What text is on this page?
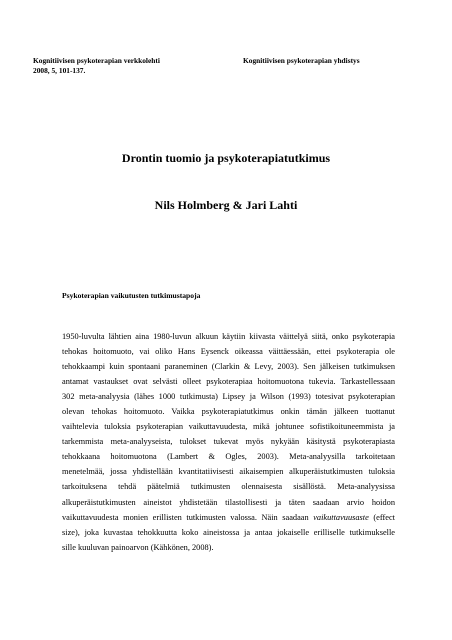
Kognitiivisen psykoterapian verkkolehti
2008, 5, 101-137.
Kognitiivisen psykoterapian yhdistys
Drontin tuomio ja psykoterapiatutkimus
Nils Holmberg & Jari Lahti
Psykoterapian vaikutusten tutkimustapoja

1950-luvulta lähtien aina 1980-luvun alkuun käytiin kiivasta väittelyä siitä, onko psykoterapia
tehokas hoitomuoto, vai oliko Hans Eysenck oikeassa väittäessään, ettei psykoterapia ole
tehokkaampi kuin spontaani paraneminen (Clarkin & Levy, 2003). Sen jälkeisen tutkimuksen
antamat vastaukset ovat selvästi olleet psykoterapiaa hoitomuotona tukevia. Tarkastellessaan
302 meta-analyysia (lähes 1000 tutkimusta) Lipsey ja Wilson (1993) totesivat psykoterapian
olevan tehokas hoitomuoto. Vaikka psykoterapiatutkimus onkin tämän jälkeen tuottanut
vaihtelevia tuloksia psykoterapian vaikuttavuudesta, mikä johtunee sofistikoituneemmista ja
tarkemmista meta-analyyseista, tulokset tukevat myös nykyään käsitystä psykoterapiasta
tehokkaana hoitomuotona (Lambert & Ogles, 2003). Meta-analyysilla tarkoitetaan
menetelmää, jossa yhdistellään kvantitatiivisesti aikaisempien alkuperäistutkimusten tuloksia
tarkoituksena tehdä päätelmiä tutkimusten olennaisesta sisällöstä. Meta-analyysissa
alkuperäistutkimusten aineistot yhdistetään tilastollisesti ja täten saadaan arvio hoidon
vaikuttavuudesta monien erillisten tutkimusten valossa. Näin saadaan vaikuttavuusaste (effect
size), joka kuvastaa tehokkuutta koko aineistossa ja antaa jokaiselle erilliselle tutkimukselle
sille kuuluvan painoarvon (Kähkönen, 2008).
